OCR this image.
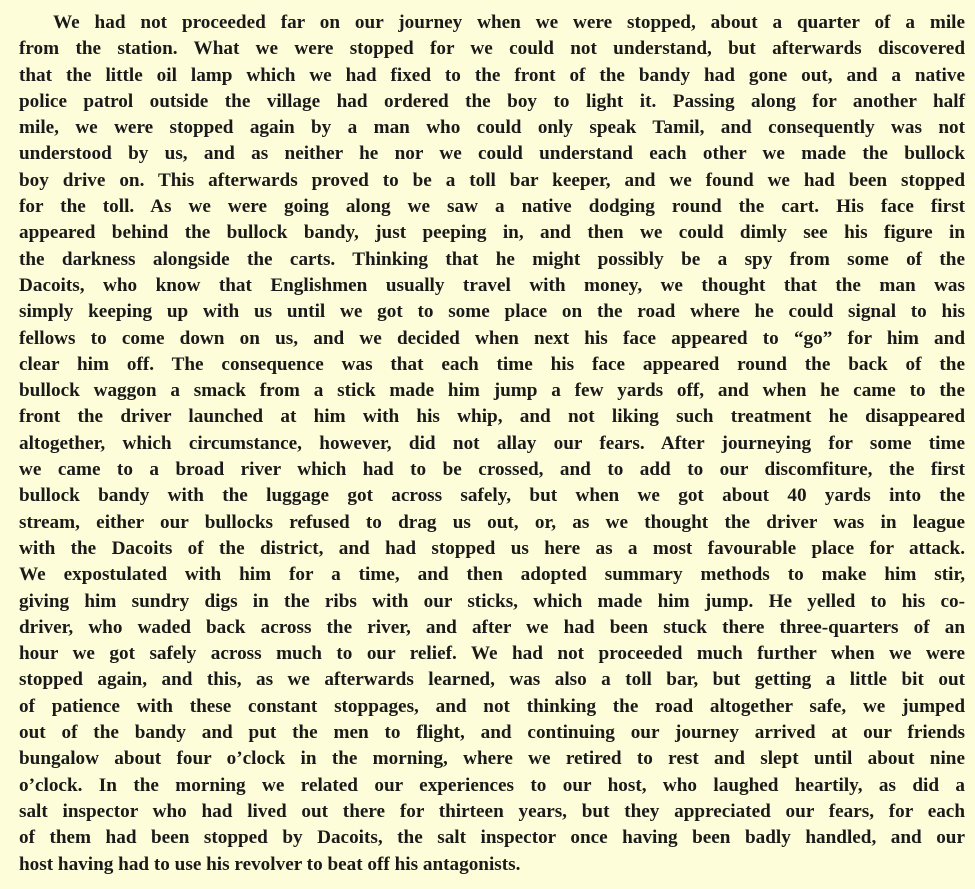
We had not proceeded far on our journey when we were stopped, about a quarter of a mile
from the station. What we were stopped for we could not understand, but afterwards discovered
that the little oil lamp which we had fixed to the front of the bandy had gone out, and a native
police patrol outside the village had ordered the boy to light it. Passing along for another half
mile, we were stopped again by a man who could only speak Tamil, and consequently was not
understood by us, and as neither he nor we could understand each other we made the bullock
boy drive on. This afterwards proved to be a toll bar keeper, and we found we had been stopped
for the toll. As we were going along we saw a native dodging round the cart. His face first
appeared behind the bullock bandy, just peeping in, and then we could dimly see his figure in
the darkness alongside the carts. Thinking that he might possibly be a spy from some of the
Dacoits, who know that Englishmen usually travel with money, we thought that the man was
simply keeping up with us until we got to some place on the road where he could signal to his
fellows to come down on us, and we decided when next his face appeared to “go” for him and
clear him off. The consequence was that each time his face appeared round the back of the
bullock waggon a smack from a stick made him jump a few yards off, and when he came to the
front the driver launched at him with his whip, and not liking such treatment he disappeared
altogether, which circumstance, however, did not allay our fears. After journeying for some time
we came to a broad river which had to be crossed, and to add to our discomfiture, the first
bullock bandy with the luggage got across safely, but when we got about 40 yards into the
stream, either our bullocks refused to drag us out, or, as we thought the driver was in league
with the Dacoits of the district, and had stopped us here as a most favourable place for attack.
We expostulated with him for a time, and then adopted summary methods to make him stir,
giving him sundry digs in the ribs with our sticks, which made him jump. He yelled to his co-
driver, who waded back across the river, and after we had been stuck there three-quarters of an
hour we got safely across much to our relief. We had not proceeded much further when we were
stopped again, and this, as we afterwards learned, was also a toll bar, but getting a little bit out
of patience with these constant stoppages, and not thinking the road altogether safe, we jumped
out of the bandy and put the men to flight, and continuing our journey arrived at our friends
bungalow about four o’clock in the morning, where we retired to rest and slept until about nine
o’clock. In the morning we related our experiences to our host, who laughed heartily, as did a
salt inspector who had lived out there for thirteen years, but they appreciated our fears, for each
of them had been stopped by Dacoits, the salt inspector once having been badly handled, and our
host having had to use his revolver to beat off his antagonists.
